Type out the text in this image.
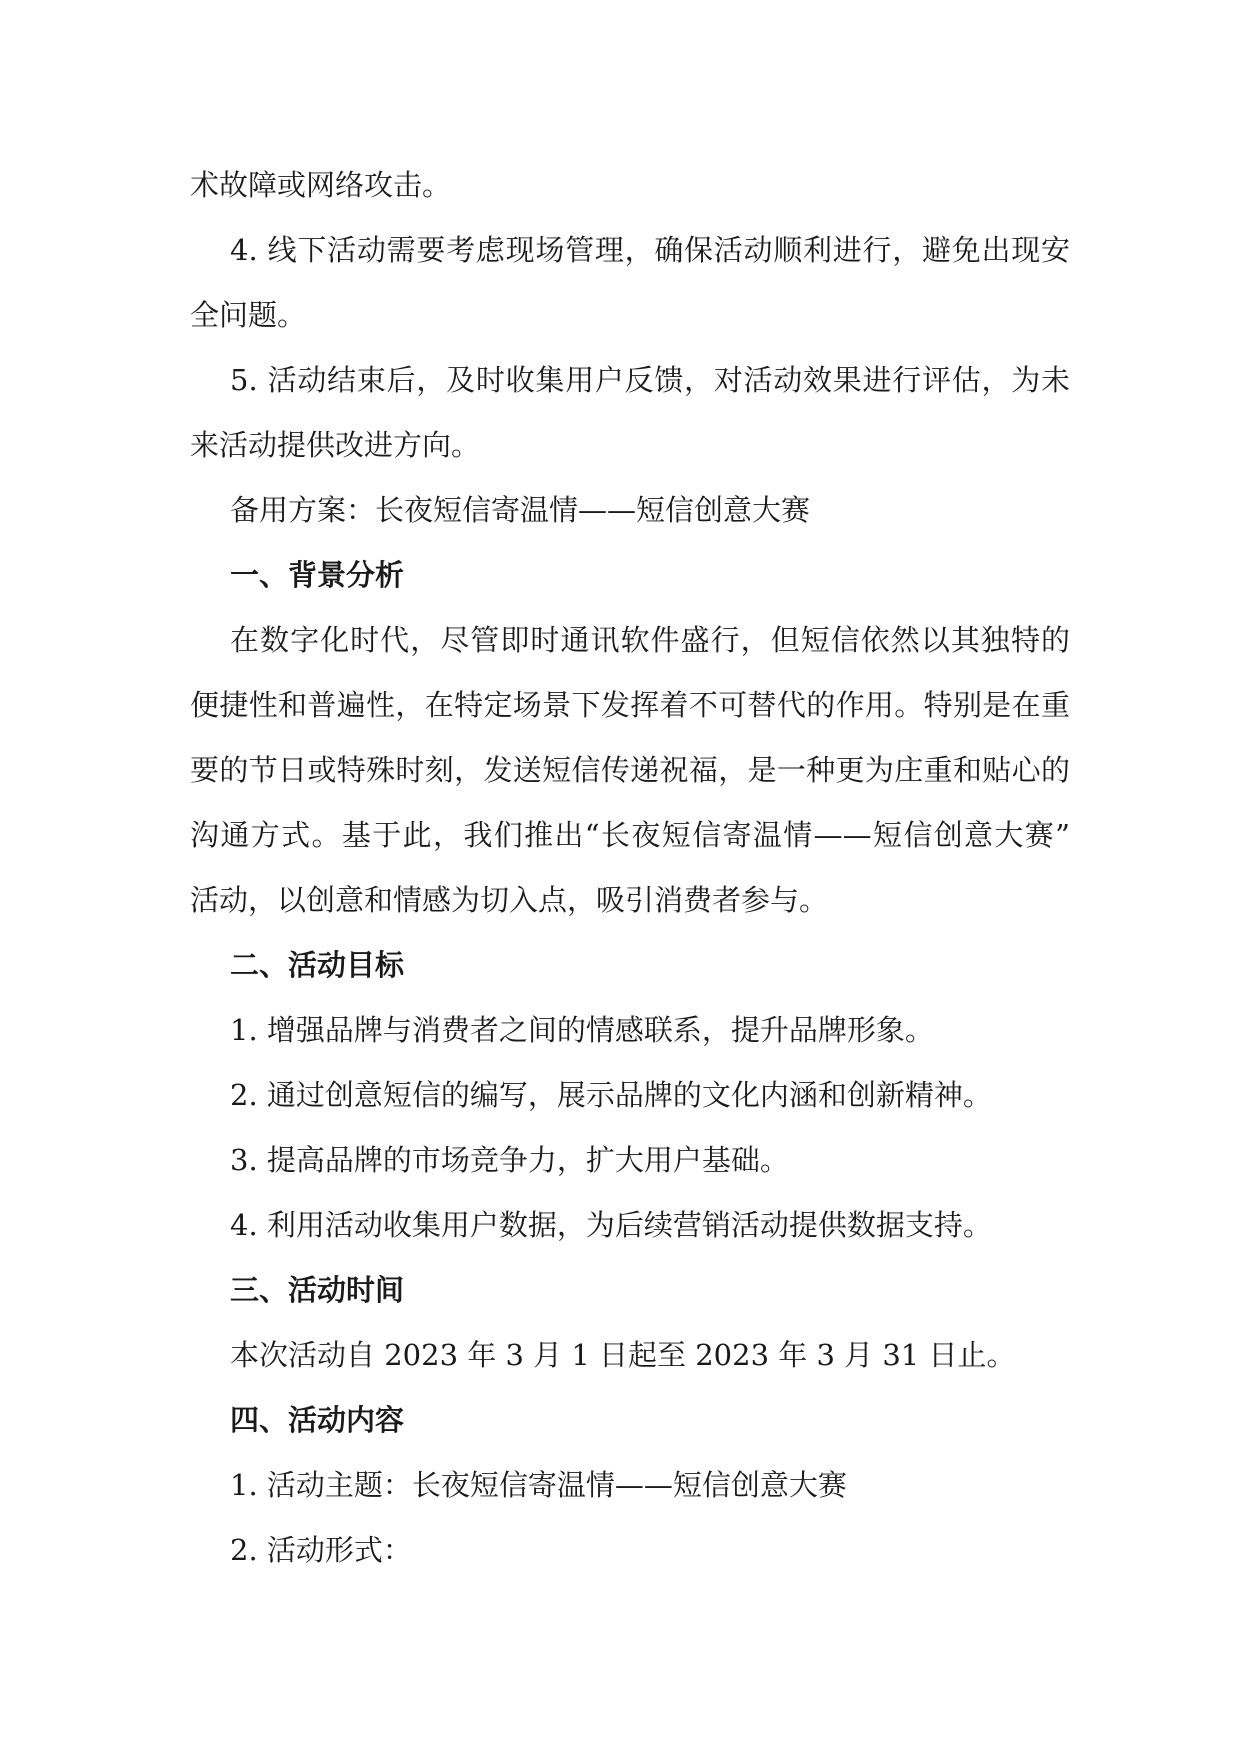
术故障或网络攻击。
4. 线下活动需要考虑现场管理，确保活动顺利进行，避免出现安
全问题。
5. 活动结束后，及时收集用户反馈，对活动效果进行评估，为未
来活动提供改进方向。
备用方案：长夜短信寄温情——短信创意大赛
一、背景分析
在数字化时代，尽管即时通讯软件盛行，但短信依然以其独特的
便捷性和普遍性，在特定场景下发挥着不可替代的作用。特别是在重
要的节日或特殊时刻，发送短信传递祝福，是一种更为庄重和贴心的
沟通方式。基于此，我们推出“长夜短信寄温情——短信创意大赛”
活动，以创意和情感为切入点，吸引消费者参与。
二、活动目标
1. 增强品牌与消费者之间的情感联系，提升品牌形象。
2. 通过创意短信的编写，展示品牌的文化内涵和创新精神。
3. 提高品牌的市场竞争力，扩大用户基础。
4. 利用活动收集用户数据，为后续营销活动提供数据支持。
三、活动时间
本次活动自 2023 年 3 月 1 日起至 2023 年 3 月 31 日止。
四、活动内容
1. 活动主题：长夜短信寄温情——短信创意大赛
2. 活动形式：
